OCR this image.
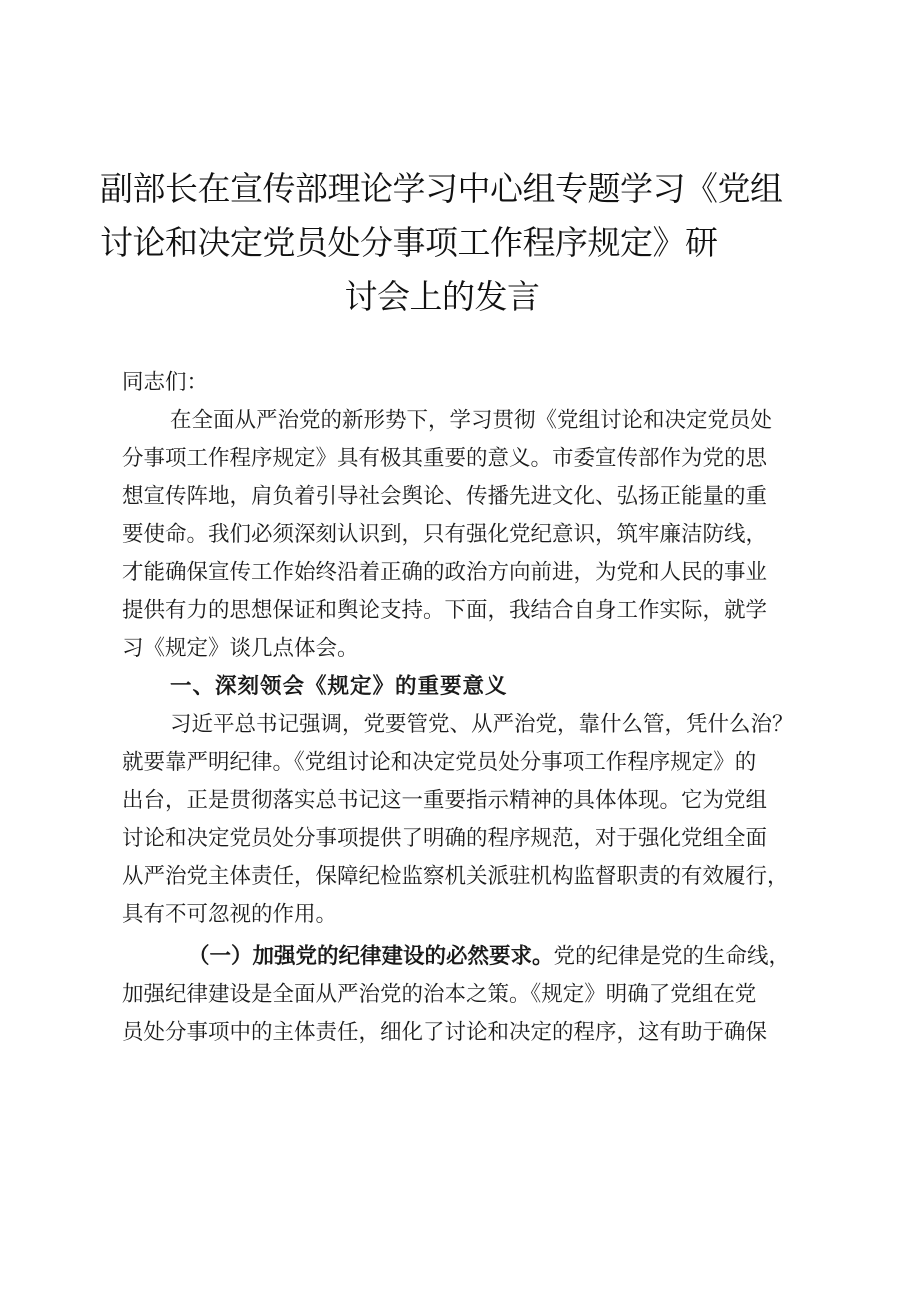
副部长在宣传部理论学习中心组专题学习《党组
讨论和决定党员处分事项工作程序规定》研
讨会上的发言
同志们：
在全面从严治党的新形势下，学习贯彻《党组讨论和决定党员处
分事项工作程序规定》具有极其重要的意义。市委宣传部作为党的思
想宣传阵地，肩负着引导社会舆论、传播先进文化、弘扬正能量的重
要使命。我们必须深刻认识到，只有强化党纪意识，筑牢廉洁防线，
才能确保宣传工作始终沿着正确的政治方向前进，为党和人民的事业
提供有力的思想保证和舆论支持。下面，我结合自身工作实际，就学
习《规定》谈几点体会。
一、深刻领会《规定》的重要意义
习近平总书记强调，党要管党、从严治党，靠什么管，凭什么治？
就要靠严明纪律。《党组讨论和决定党员处分事项工作程序规定》的
出台，正是贯彻落实总书记这一重要指示精神的具体体现。它为党组
讨论和决定党员处分事项提供了明确的程序规范，对于强化党组全面
从严治党主体责任，保障纪检监察机关派驻机构监督职责的有效履行，
具有不可忽视的作用。
（一）加强党的纪律建设的必然要求。党的纪律是党的生命线，
加强纪律建设是全面从严治党的治本之策。《规定》明确了党组在党
员处分事项中的主体责任，细化了讨论和决定的程序，这有助于确保
